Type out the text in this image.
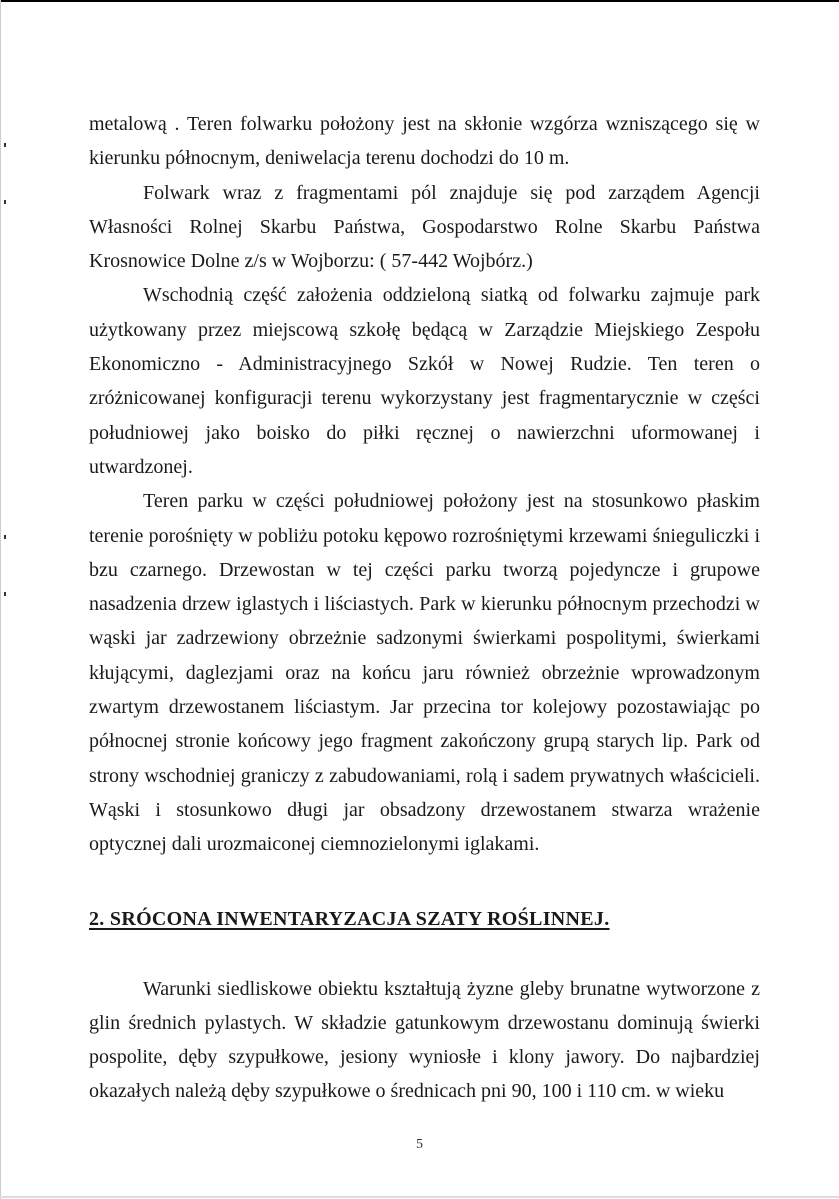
metalową . Teren folwarku położony jest na skłonie wzgórza wzniszącego się w kierunku północnym, deniwelacja terenu dochodzi do 10 m.

Folwark wraz z fragmentami pól znajduje się pod zarządem Agencji Własności Rolnej Skarbu Państwa, Gospodarstwo Rolne Skarbu Państwa Krosnowice Dolne z/s w Wojborzu: ( 57-442 Wojbórz.)

Wschodnią część założenia oddzieloną siatką od folwarku zajmuje park użytkowany przez miejscową szkołę będącą w Zarządzie Miejskiego Zespołu Ekonomiczno - Administracyjnego Szkół w Nowej Rudzie. Ten teren o zróżnicowanej konfiguracji terenu wykorzystany jest fragmentarycznie w części południowej jako boisko do piłki ręcznej o nawierzchni uformowanej i utwardzonej.

Teren parku w części południowej położony jest na stosunkowo płaskim terenie porośnięty w pobliżu potoku kępowo rozrośniętymi krzewami śnieguliczki i bzu czarnego. Drzewostan w tej części parku tworzą pojedyncze i grupowe nasadzenia drzew iglastych i liściastych. Park w kierunku północnym przechodzi w wąski jar zadrzewiony obrzeżnie sadzonymi świerkami pospolitymi, świerkami kłującymi, daglezjami oraz na końcu jaru również obrzeżnie wprowadzonym zwartym drzewostanem liściastym. Jar przecina tor kolejowy pozostawiając po północnej stronie końcowy jego fragment zakończony grupą starych lip. Park od strony wschodniej graniczy z zabudowaniami, rolą i sadem prywatnych właścicieli. Wąski i stosunkowo długi jar obsadzony drzewostanem stwarza wrażenie optycznej dali urozmaiconej ciemnozielonymi iglakami.

2. SRÓCONA INWENTARYZACJA SZATY ROŚLINNEJ.

Warunki siedliskowe obiektu kształtują żyzne gleby brunatne wytworzone z glin średnich pylastych. W składzie gatunkowym drzewostanu dominują świerki pospolite, dęby szypułkowe, jesiony wyniosłe i klony jawory. Do najbardziej okazałych należą dęby szypułkowe o średnicach pni 90, 100 i 110 cm. w wieku

5
